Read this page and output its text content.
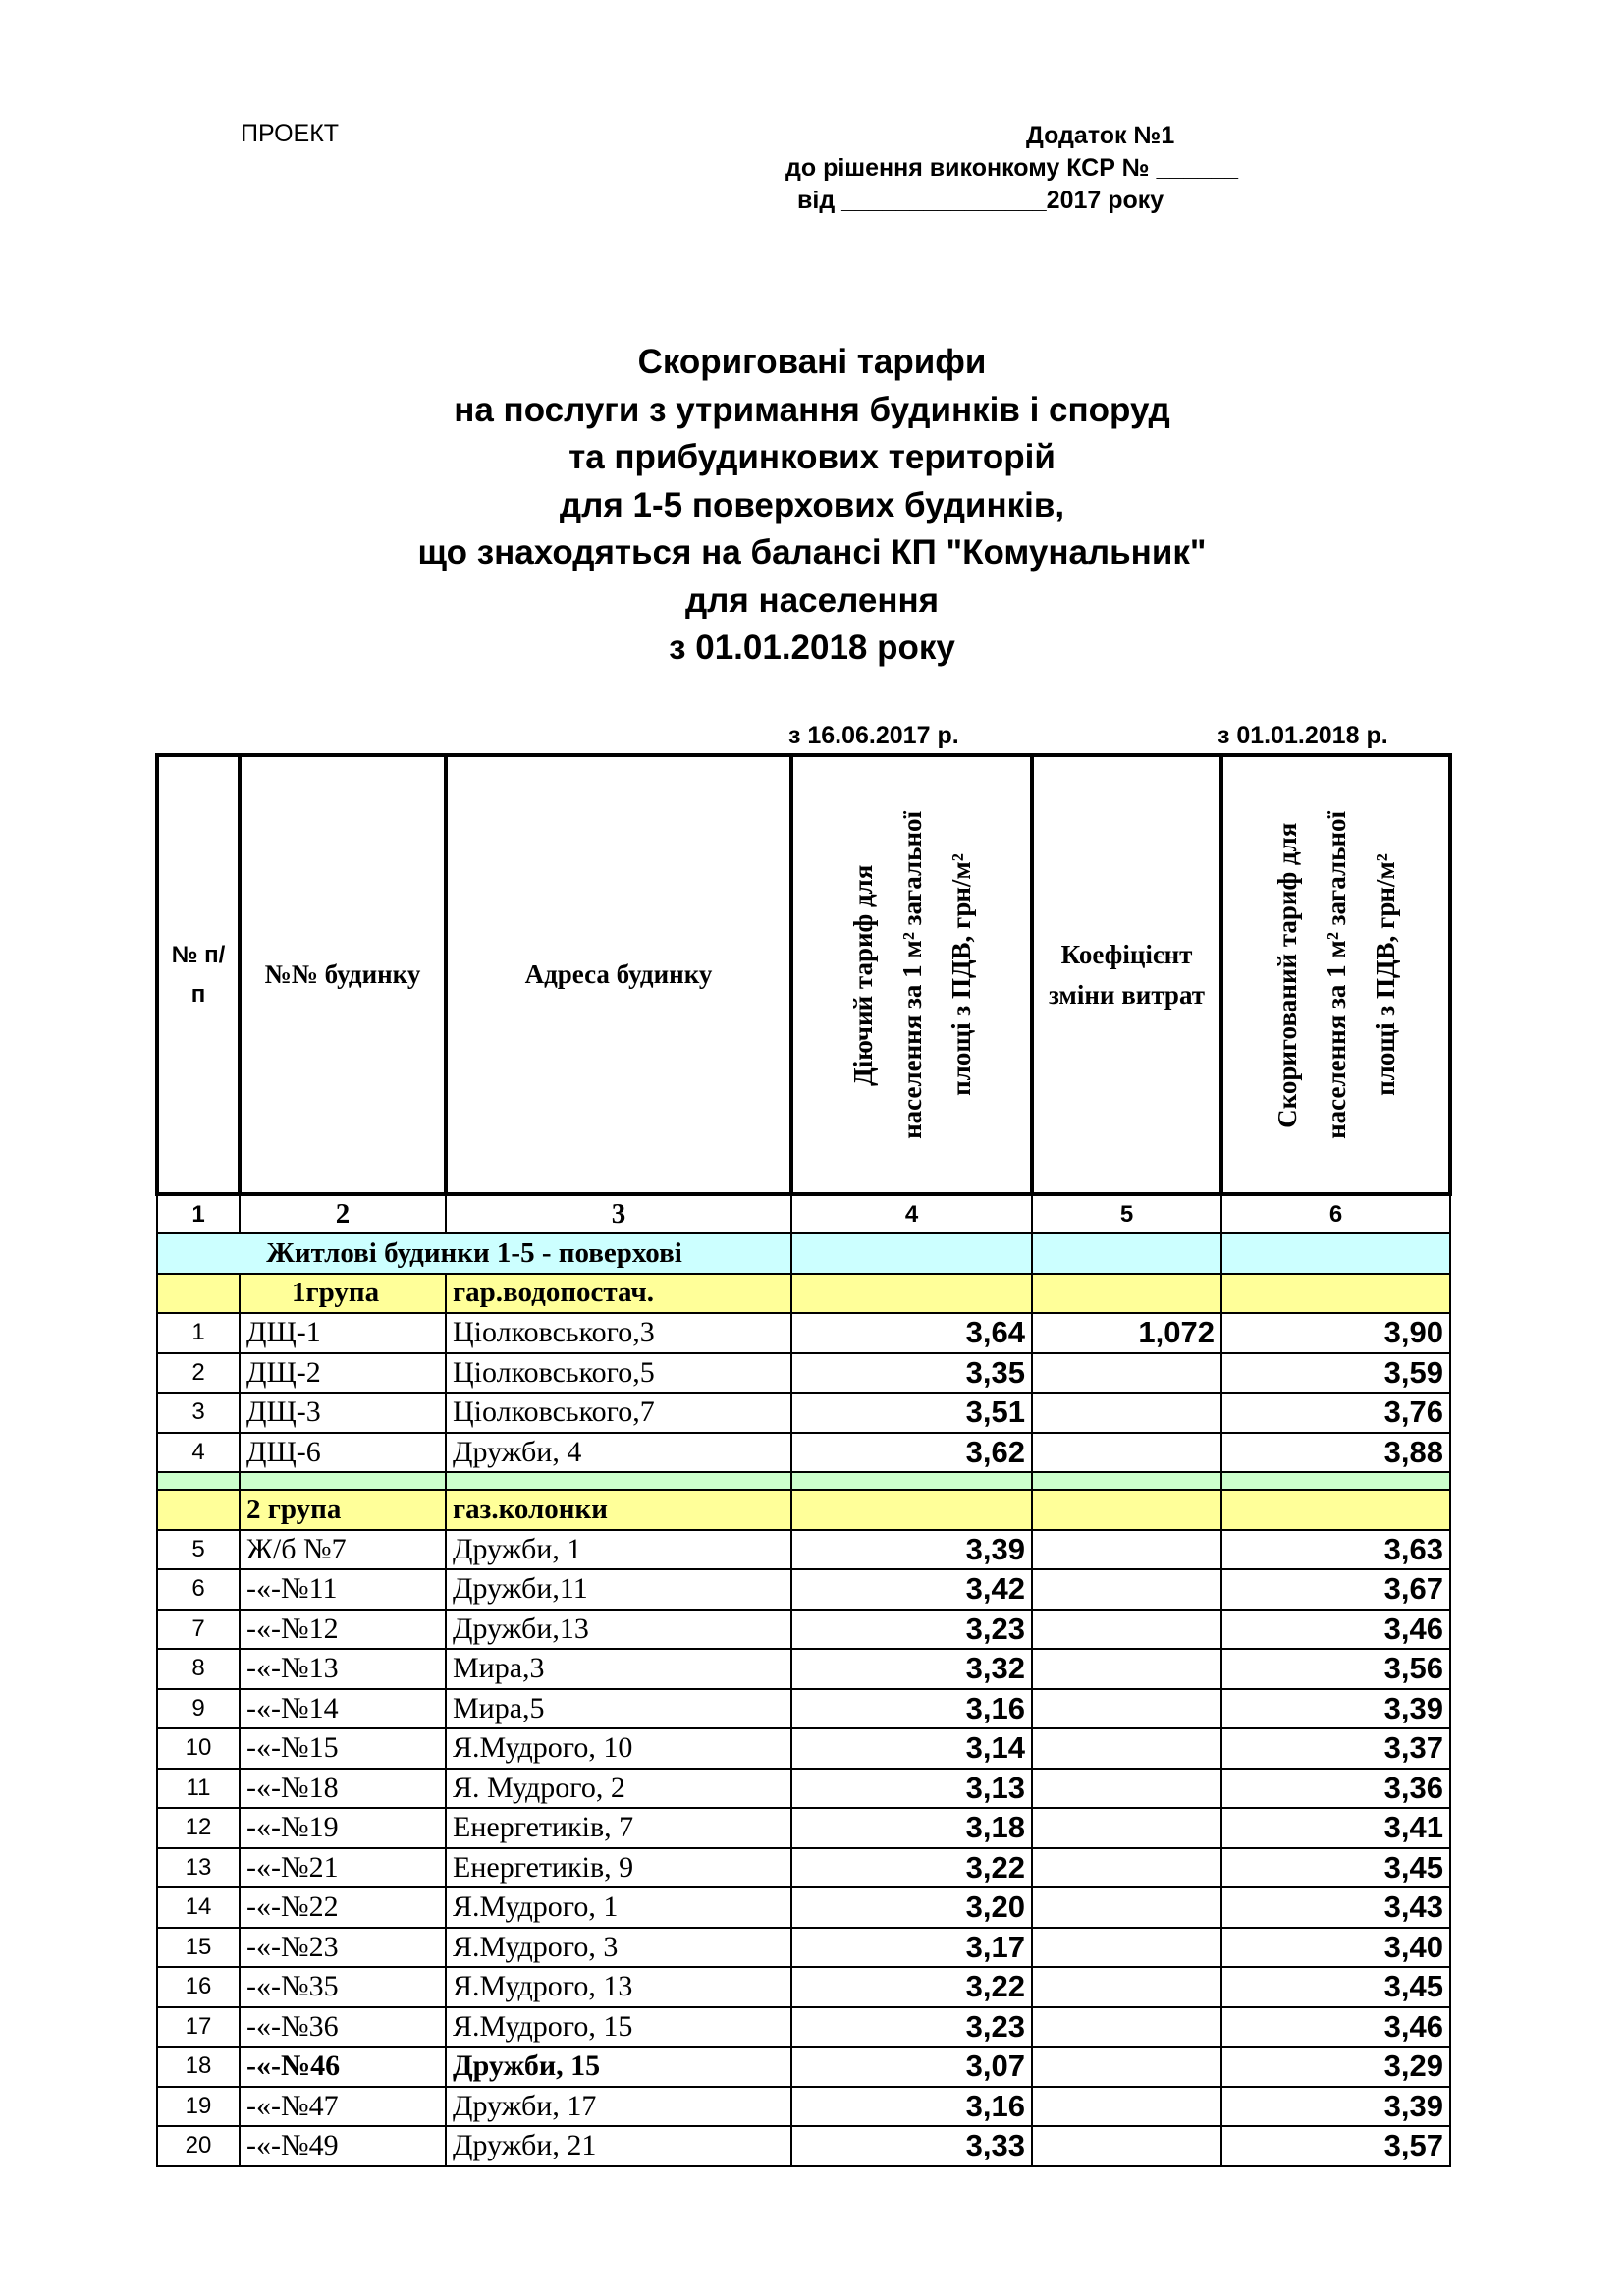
ПРОЕКТ	Додаток №1
до рішення виконкому КСР № ______
від _______________2017 року
Скориговані тарифи
на послуги з утримання будинків і споруд
та прибудинкових територій
для 1-5 поверхових будинків,
що знаходяться на балансі КП "Комунальник"
для населення
з 01.01.2018 року
з 16.06.2017 р.	з 01.01.2018 р.
№ п/ п	№№ будинку	Адреса будинку	Діючий тариф для
населення за 1 м² загальної
площі з ПДВ, грн/м²	Коефіцієнт зміни витрат	Скоригований тариф для
населення за 1 м² загальної
площі з ПДВ, грн/м²

1	2	3	4	5	6
Житлові будинки 1-5 - поверхові					
	1група	гар.водопостач.			
1	ДЩ-1	Ціолковського,3	3,64	1,072	3,90
2	ДЩ-2	Ціолковського,5	3,35		3,59
3	ДЩ-3	Ціолковського,7	3,51		3,76
4	ДЩ-6	Дружби, 4	3,62		3,88

	2 група	газ.колонки			
5	Ж/б №7	Дружби, 1	3,39		3,63
6	-«-№11	Дружби,11	3,42		3,67
7	-«-№12	Дружби,13	3,23		3,46
8	-«-№13	Мира,3	3,32		3,56
9	-«-№14	Мира,5	3,16		3,39
10	-«-№15	Я.Мудрого, 10	3,14		3,37
11	-«-№18	Я. Мудрого, 2	3,13		3,36
12	-«-№19	Енергетиків, 7	3,18		3,41
13	-«-№21	Енергетиків, 9	3,22		3,45
14	-«-№22	Я.Мудрого, 1	3,20		3,43
15	-«-№23	Я.Мудрого, 3	3,17		3,40
16	-«-№35	Я.Мудрого, 13	3,22		3,45
17	-«-№36	Я.Мудрого, 15	3,23		3,46
18	-«-№46	Дружби, 15	3,07		3,29
19	-«-№47	Дружби, 17	3,16		3,39
20	-«-№49	Дружби, 21	3,33		3,57
